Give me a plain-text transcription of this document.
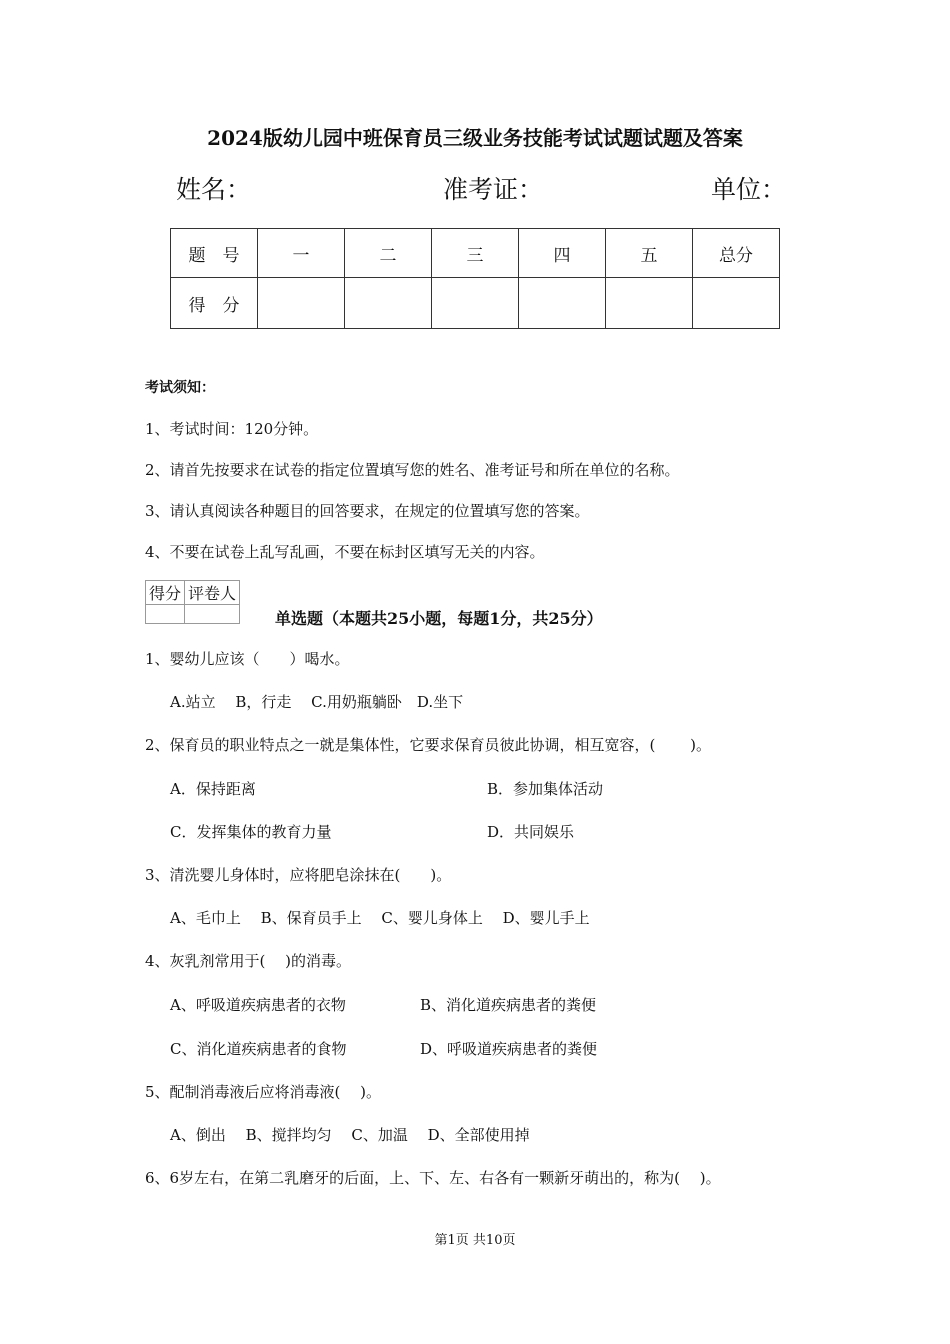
2024版幼儿园中班保育员三级业务技能考试试题试题及答案
姓名：	准考证：	单位：
题　号	一	二	三	四	五	总分
得　分						
考试须知：
1、考试时间：120分钟。
2、请首先按要求在试卷的指定位置填写您的姓名、准考证号和所在单位的名称。
3、请认真阅读各种题目的回答要求，在规定的位置填写您的答案。
4、不要在试卷上乱写乱画，不要在标封区填写无关的内容。
得分	评卷人

单选题（本题共25小题，每题1分，共25分）
1、婴幼儿应该（　　）喝水。
A.站立　 B，行走　 C.用奶瓶躺卧　D.坐下
2、保育员的职业特点之一就是集体性，它要求保育员彼此协调，相互宽容，(　　 )。
A．保持距离	B．参加集体活动
C．发挥集体的教育力量	D．共同娱乐
3、清洗婴儿身体时，应将肥皂涂抹在(　　)。
A、毛巾上　 B、保育员手上　 C、婴儿身体上　 D、婴儿手上
4、灰乳剂常用于(　 )的消毒。
A、呼吸道疾病患者的衣物	B、消化道疾病患者的粪便
C、消化道疾病患者的食物	D、呼吸道疾病患者的粪便
5、配制消毒液后应将消毒液(　 )。
A、倒出　 B、搅拌均匀　 C、加温　 D、全部使用掉
6、6岁左右，在第二乳磨牙的后面，上、下、左、右各有一颗新牙萌出的，称为(　 )。
第1页 共10页
